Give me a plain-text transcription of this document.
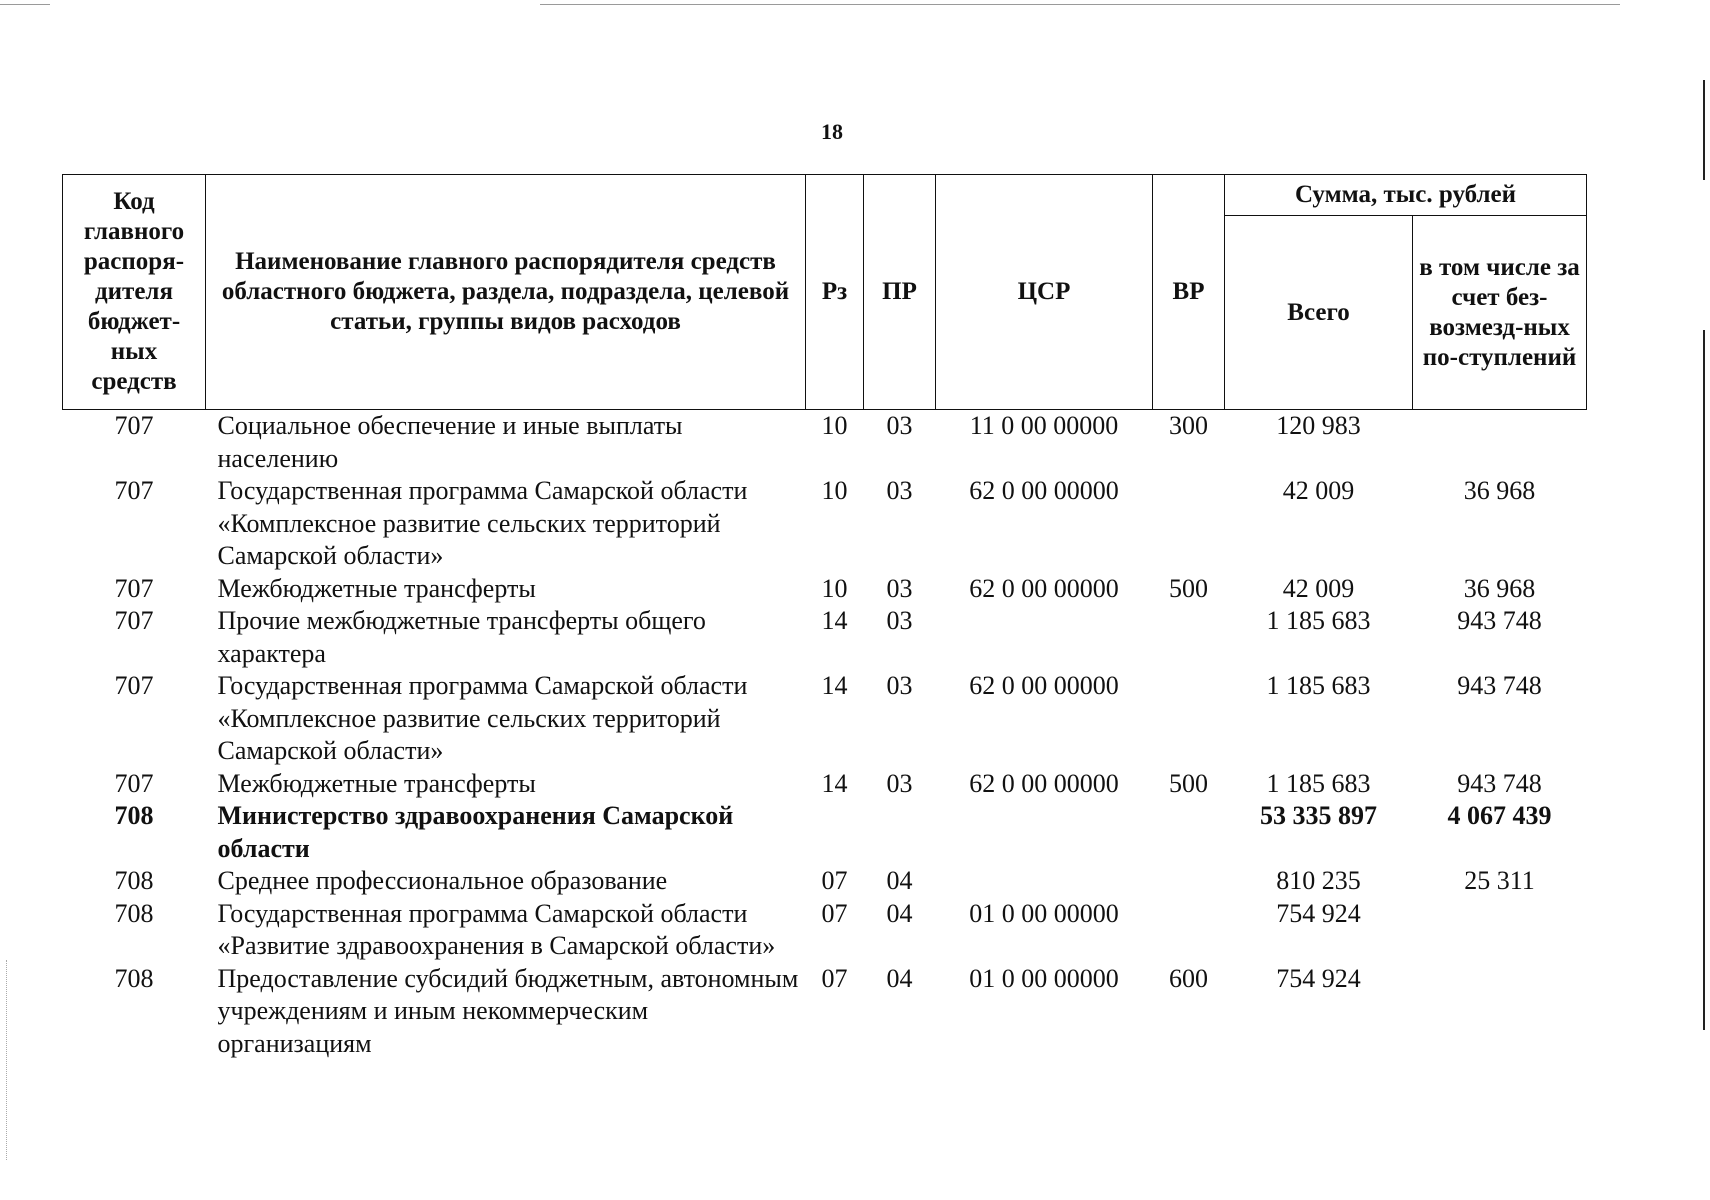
18
Код главного распоря-дителя бюджет-ных средств	Наименование главного распорядителя средств областного бюджета, раздела, подраздела, целевой статьи, группы видов расходов	Рз	ПР	ЦСР	ВР	Сумма, тыс. рублей	
						Всего	в том числе за счет без-возмезд-ных по-ступлений
707	Социальное обеспечение и иные выплаты населению	10	03	11 0 00 00000	300	120 983	
707	Государственная программа Самарской области «Комплексное развитие сельских территорий Самарской области»	10	03	62 0 00 00000		42 009	36 968
707	Межбюджетные трансферты	10	03	62 0 00 00000	500	42 009	36 968
707	Прочие межбюджетные трансферты общего характера	14	03			1 185 683	943 748
707	Государственная программа Самарской области «Комплексное развитие сельских территорий Самарской области»	14	03	62 0 00 00000		1 185 683	943 748
707	Межбюджетные трансферты	14	03	62 0 00 00000	500	1 185 683	943 748
708	Министерство здравоохранения Самарской области					53 335 897	4 067 439
708	Среднее профессиональное образование	07	04			810 235	25 311
708	Государственная программа Самарской области «Развитие здравоохранения в Самарской области»	07	04	01 0 00 00000		754 924	
708	Предоставление субсидий бюджетным, автономным учреждениям и иным некоммерческим организациям	07	04	01 0 00 00000	600	754 924	
